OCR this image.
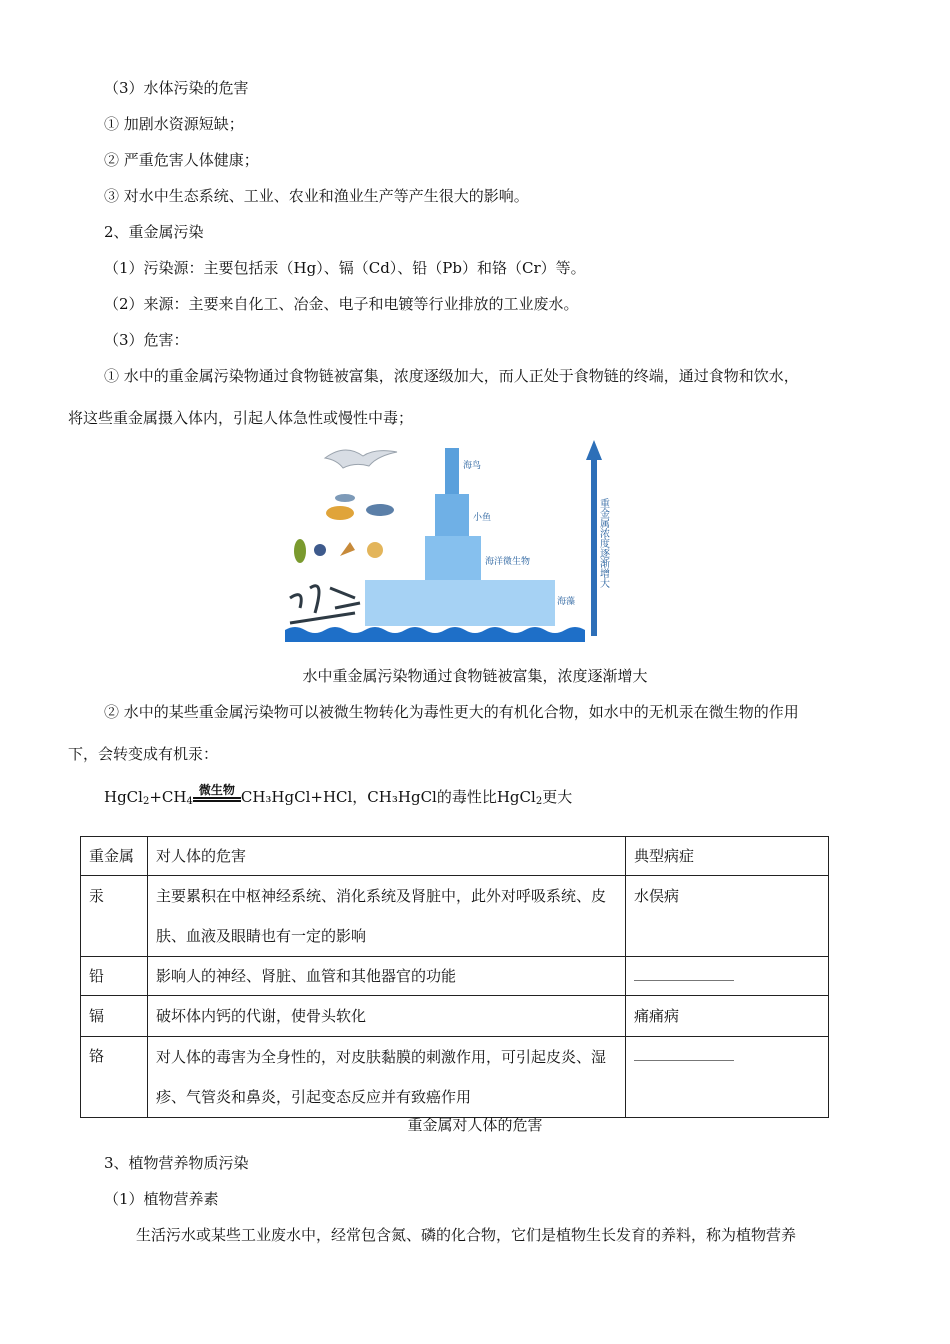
（3）水体污染的危害
① 加剧水资源短缺；
② 严重危害人体健康；
③ 对水中生态系统、工业、农业和渔业生产等产生很大的影响。
2、重金属污染
（1）污染源：主要包括汞（Hg）、镉（Cd）、铅（Pb）和铬（Cr）等。
（2）来源：主要来自化工、冶金、电子和电镀等行业排放的工业废水。
（3）危害：
① 水中的重金属污染物通过食物链被富集，浓度逐级加大，而人正处于食物链的终端，通过食物和饮水，
将这些重金属摄入体内，引起人体急性或慢性中毒；
海鸟
小鱼
海洋微生物
海藻
重金属浓度逐渐增大
水中重金属污染物通过食物链被富集，浓度逐渐增大
② 水中的某些重金属污染物可以被微生物转化为毒性更大的有机化合物，如水中的无机汞在微生物的作用
下，会转变成有机汞：
$HgCl_2+CH_4$
微生物 CH₃HgCl+HCl，CH₃HgCl的毒性比HgCl$_2$更大
重金属	对人体的危害	典型病症
汞	主要累积在中枢神经系统、消化系统及肾脏中，此外对呼吸系统、皮肤、血液及眼睛也有一定的影响	水俣病
铅	影响人的神经、肾脏、血管和其他器官的功能	
镉	破坏体内钙的代谢，使骨头软化	痛痛病
铬	对人体的毒害为全身性的，对皮肤黏膜的刺激作用，可引起皮炎、湿疹、气管炎和鼻炎，引起变态反应并有致癌作用	
重金属对人体的危害
3、植物营养物质污染
（1）植物营养素
生活污水或某些工业废水中，经常包含氮、磷的化合物，它们是植物生长发育的养料，称为植物营养
